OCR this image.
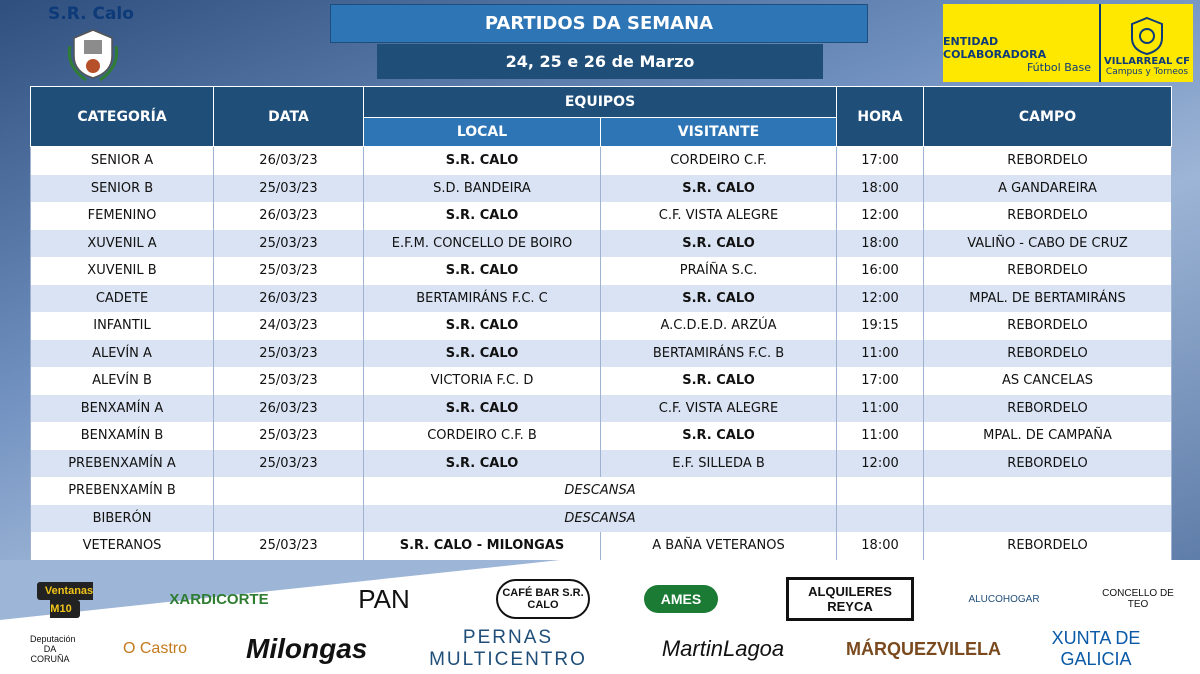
S.R. Calo	PARTIDOS DA SEMANA
24, 25 e 26 de Marzo
ENTIDAD COLABORADORA
Fútbol Base VILLARREAL CF
Campus y Torneos
CATEGORÍA	DATA	EQUIPOS		HORA	CAMPO
		LOCAL	VISITANTE		
SENIOR A	26/03/23	S.R. CALO	CORDEIRO C.F.	17:00	REBORDELO
SENIOR B	25/03/23	S.D. BANDEIRA	S.R. CALO	18:00	A GANDAREIRA
FEMENINO	26/03/23	S.R. CALO	C.F. VISTA ALEGRE	12:00	REBORDELO
XUVENIL A	25/03/23	E.F.M. CONCELLO DE BOIRO	S.R. CALO	18:00	VALIÑO - CABO DE CRUZ
XUVENIL B	25/03/23	S.R. CALO	PRAÍÑA S.C.	16:00	REBORDELO
CADETE	26/03/23	BERTAMIRÁNS F.C. C	S.R. CALO	12:00	MPAL. DE BERTAMIRÁNS
INFANTIL	24/03/23	S.R. CALO	A.C.D.E.D. ARZÚA	19:15	REBORDELO
ALEVÍN A	25/03/23	S.R. CALO	BERTAMIRÁNS F.C. B	11:00	REBORDELO
ALEVÍN B	25/03/23	VICTORIA F.C. D	S.R. CALO	17:00	AS CANCELAS
BENXAMÍN A	26/03/23	S.R. CALO	C.F. VISTA ALEGRE	11:00	REBORDELO
BENXAMÍN B	25/03/23	CORDEIRO C.F. B	S.R. CALO	11:00	MPAL. DE CAMPAÑA
PREBENXAMÍN A	25/03/23	S.R. CALO	E.F. SILLEDA B	12:00	REBORDELO
PREBENXAMÍN B		DESCANSA			
BIBERÓN		DESCANSA			
VETERANOS	25/03/23	S.R. CALO - MILONGAS	A BAÑA VETERANOS	18:00	REBORDELO
Ventanas M10
XARDICORTE	PAN	CAFÉ BAR S.R. CALO	AMES	ALQUILERES REYCA	ALUCOHOGAR	CONCELLO DE TEO
Deputación DA CORUÑA
O Castro Milongas	PERNAS MULTICENTRO	MartinLagoa	MÁRQUEZVILELA
XUNTA DE GALICIA
